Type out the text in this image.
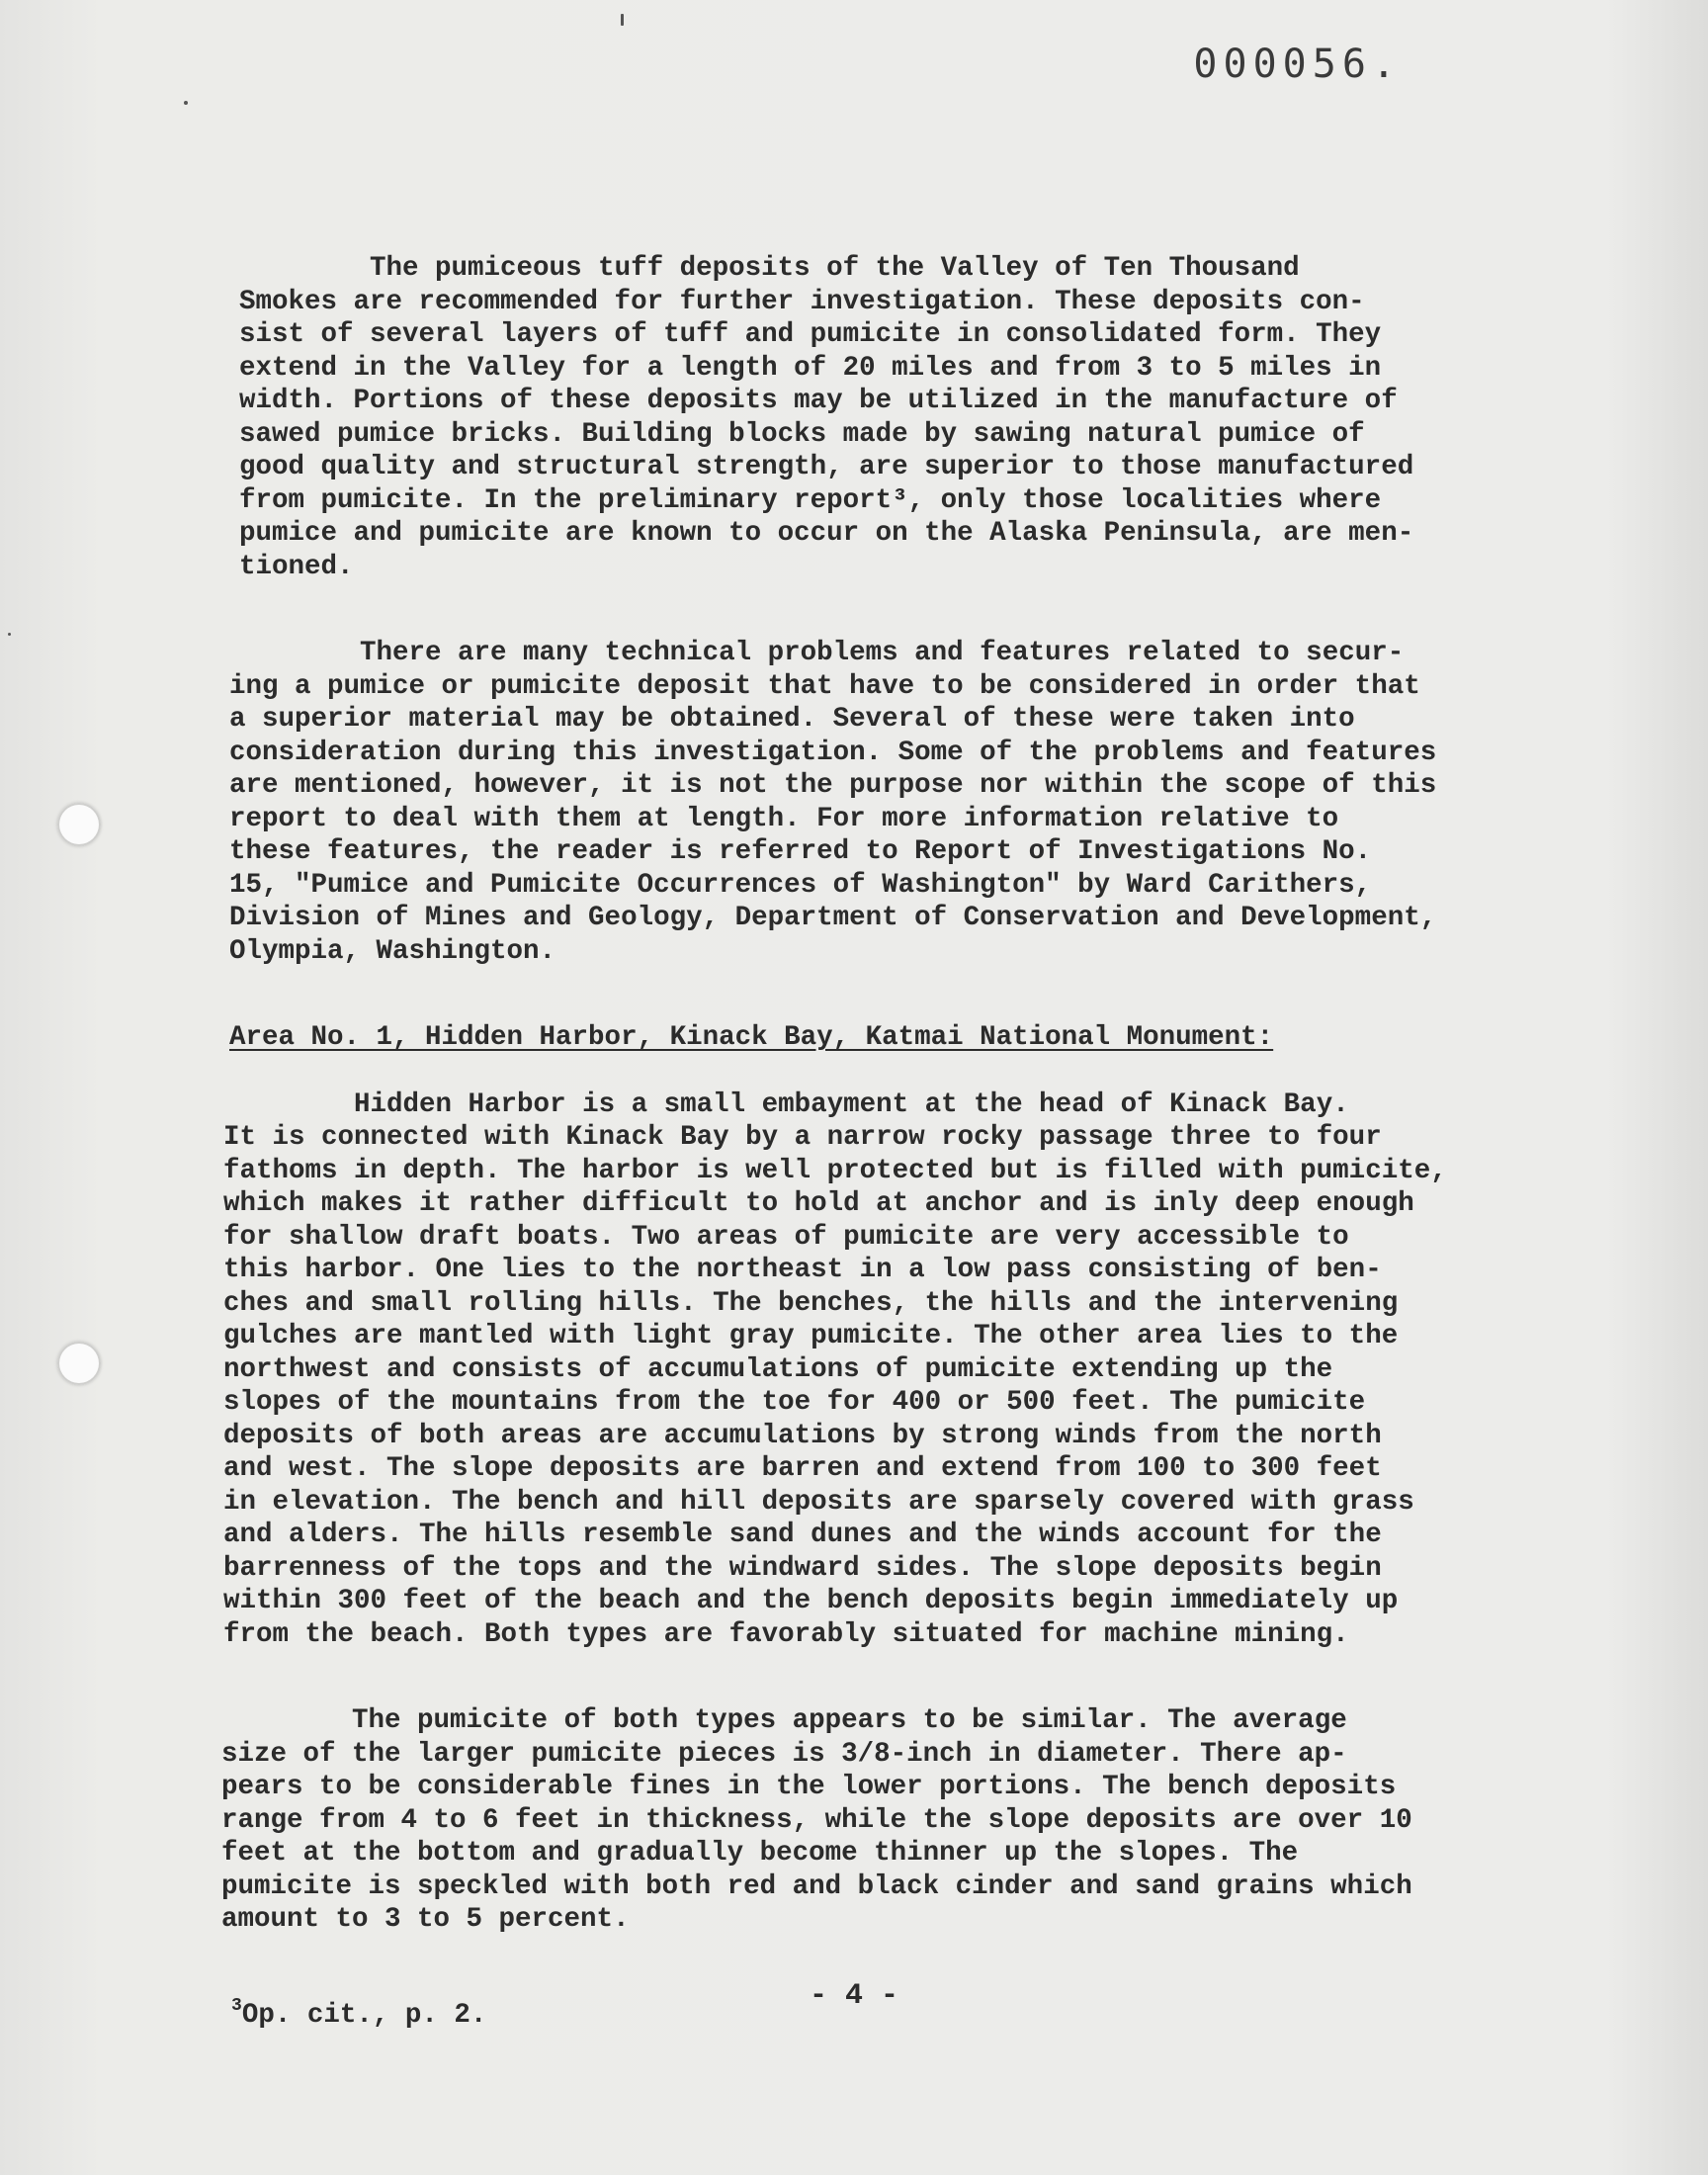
000056.

The pumiceous tuff deposits of the Valley of Ten Thousand
Smokes are recommended for further investigation. These deposits con-
sist of several layers of tuff and pumicite in consolidated form. They
extend in the Valley for a length of 20 miles and from 3 to 5 miles in
width. Portions of these deposits may be utilized in the manufacture of
sawed pumice bricks. Building blocks made by sawing natural pumice of
good quality and structural strength, are superior to those manufactured
from pumicite. In the preliminary report³, only those localities where
pumice and pumicite are known to occur on the Alaska Peninsula, are men-
tioned.

There are many technical problems and features related to secur-
ing a pumice or pumicite deposit that have to be considered in order that
a superior material may be obtained. Several of these were taken into
consideration during this investigation. Some of the problems and features
are mentioned, however, it is not the purpose nor within the scope of this
report to deal with them at length. For more information relative to
these features, the reader is referred to Report of Investigations No.
15, "Pumice and Pumicite Occurrences of Washington" by Ward Carithers,
Division of Mines and Geology, Department of Conservation and Development,
Olympia, Washington.

Area No. 1, Hidden Harbor, Kinack Bay, Katmai National Monument:

Hidden Harbor is a small embayment at the head of Kinack Bay.
It is connected with Kinack Bay by a narrow rocky passage three to four
fathoms in depth. The harbor is well protected but is filled with pumicite,
which makes it rather difficult to hold at anchor and is inly deep enough
for shallow draft boats. Two areas of pumicite are very accessible to
this harbor. One lies to the northeast in a low pass consisting of ben-
ches and small rolling hills. The benches, the hills and the intervening
gulches are mantled with light gray pumicite. The other area lies to the
northwest and consists of accumulations of pumicite extending up the
slopes of the mountains from the toe for 400 or 500 feet. The pumicite
deposits of both areas are accumulations by strong winds from the north
and west. The slope deposits are barren and extend from 100 to 300 feet
in elevation. The bench and hill deposits are sparsely covered with grass
and alders. The hills resemble sand dunes and the winds account for the
barrenness of the tops and the windward sides. The slope deposits begin
within 300 feet of the beach and the bench deposits begin immediately up
from the beach. Both types are favorably situated for machine mining.

The pumicite of both types appears to be similar. The average
size of the larger pumicite pieces is 3/8-inch in diameter. There ap-
pears to be considerable fines in the lower portions. The bench deposits
range from 4 to 6 feet in thickness, while the slope deposits are over 10
feet at the bottom and gradually become thinner up the slopes. The
pumicite is speckled with both red and black cinder and sand grains which
amount to 3 to 5 percent.

$^3$Op. cit., p. 2.

- 4 -
